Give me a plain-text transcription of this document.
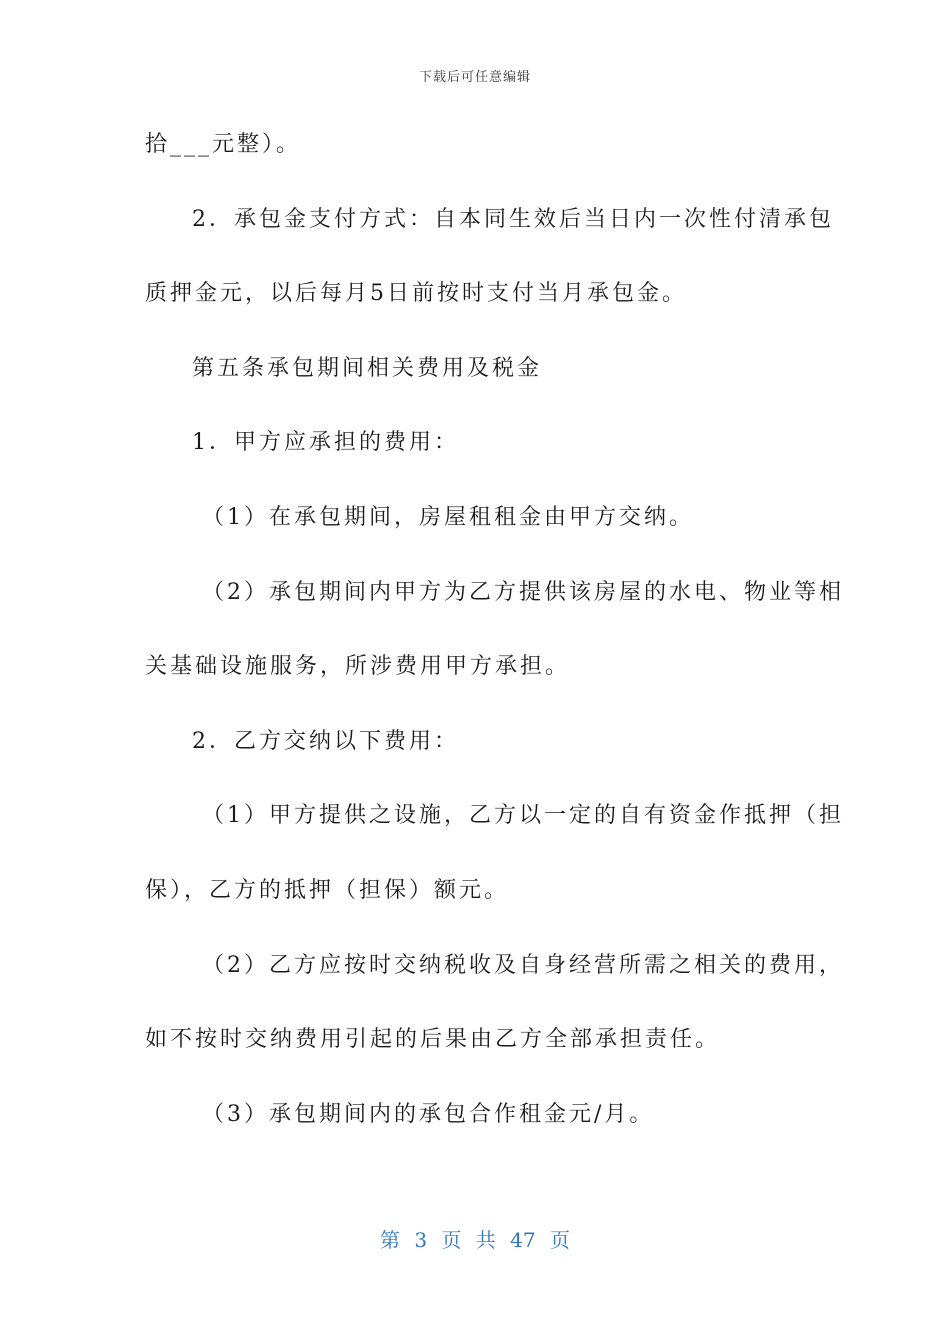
下载后可任意编辑
拾___元整）。
2．承包金支付方式：自本同生效后当日内一次性付清承包
质押金元，以后每月5日前按时支付当月承包金。
第五条承包期间相关费用及税金
1．甲方应承担的费用：
（1）在承包期间，房屋租租金由甲方交纳。
（2）承包期间内甲方为乙方提供该房屋的水电、物业等相
关基础设施服务，所涉费用甲方承担。
2．乙方交纳以下费用：
（1）甲方提供之设施，乙方以一定的自有资金作抵押（担
保），乙方的抵押（担保）额元。
（2）乙方应按时交纳税收及自身经营所需之相关的费用，
如不按时交纳费用引起的后果由乙方全部承担责任。
（3）承包期间内的承包合作租金元/月。
第 3 页 共 47 页
